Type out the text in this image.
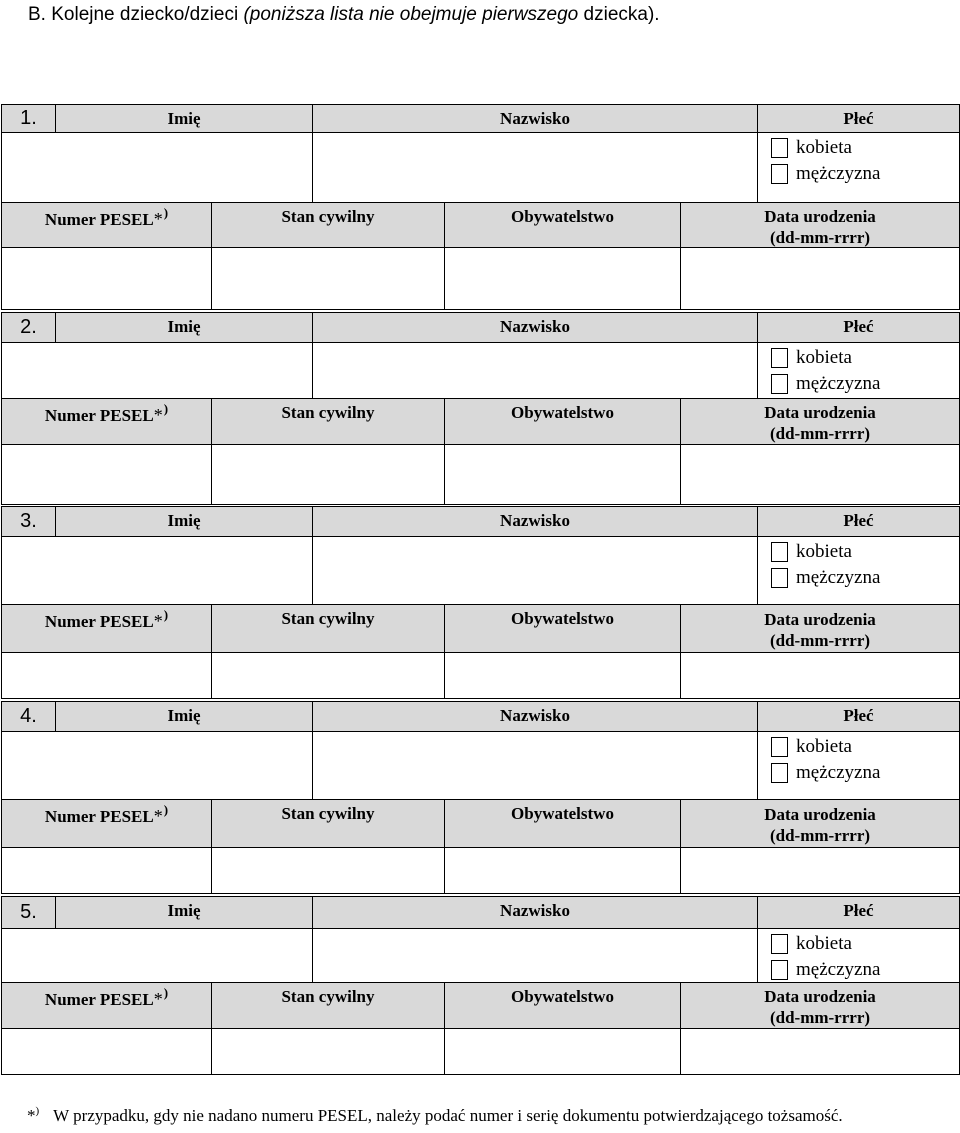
B. Kolejne dziecko/dzieci (poniższa lista nie obejmuje pierwszego dziecka).
1.	Imię	Nazwisko	Płeć
kobieta
mężczyzna
Numer PESEL * )	Stan cywilny	Obywatelstwo	Data urodzenia
(dd-mm-rrrr)
2.	Imię	Nazwisko	Płeć
kobieta
mężczyzna
Numer PESEL * )	Stan cywilny	Obywatelstwo	Data urodzenia
(dd-mm-rrrr)
3.	Imię	Nazwisko	Płeć
kobieta
mężczyzna
Numer PESEL * )	Stan cywilny	Obywatelstwo	Data urodzenia
(dd-mm-rrrr)
4.	Imię	Nazwisko	Płeć
kobieta
mężczyzna
Numer PESEL * )	Stan cywilny	Obywatelstwo	Data urodzenia
(dd-mm-rrrr)
5.	Imię	Nazwisko	Płeć
kobieta
mężczyzna
Numer PESEL * )	Stan cywilny	Obywatelstwo	Data urodzenia
(dd-mm-rrrr)
*) W przypadku, gdy nie nadano numeru PESEL, należy podać numer i serię dokumentu potwierdzającego tożsamość.
